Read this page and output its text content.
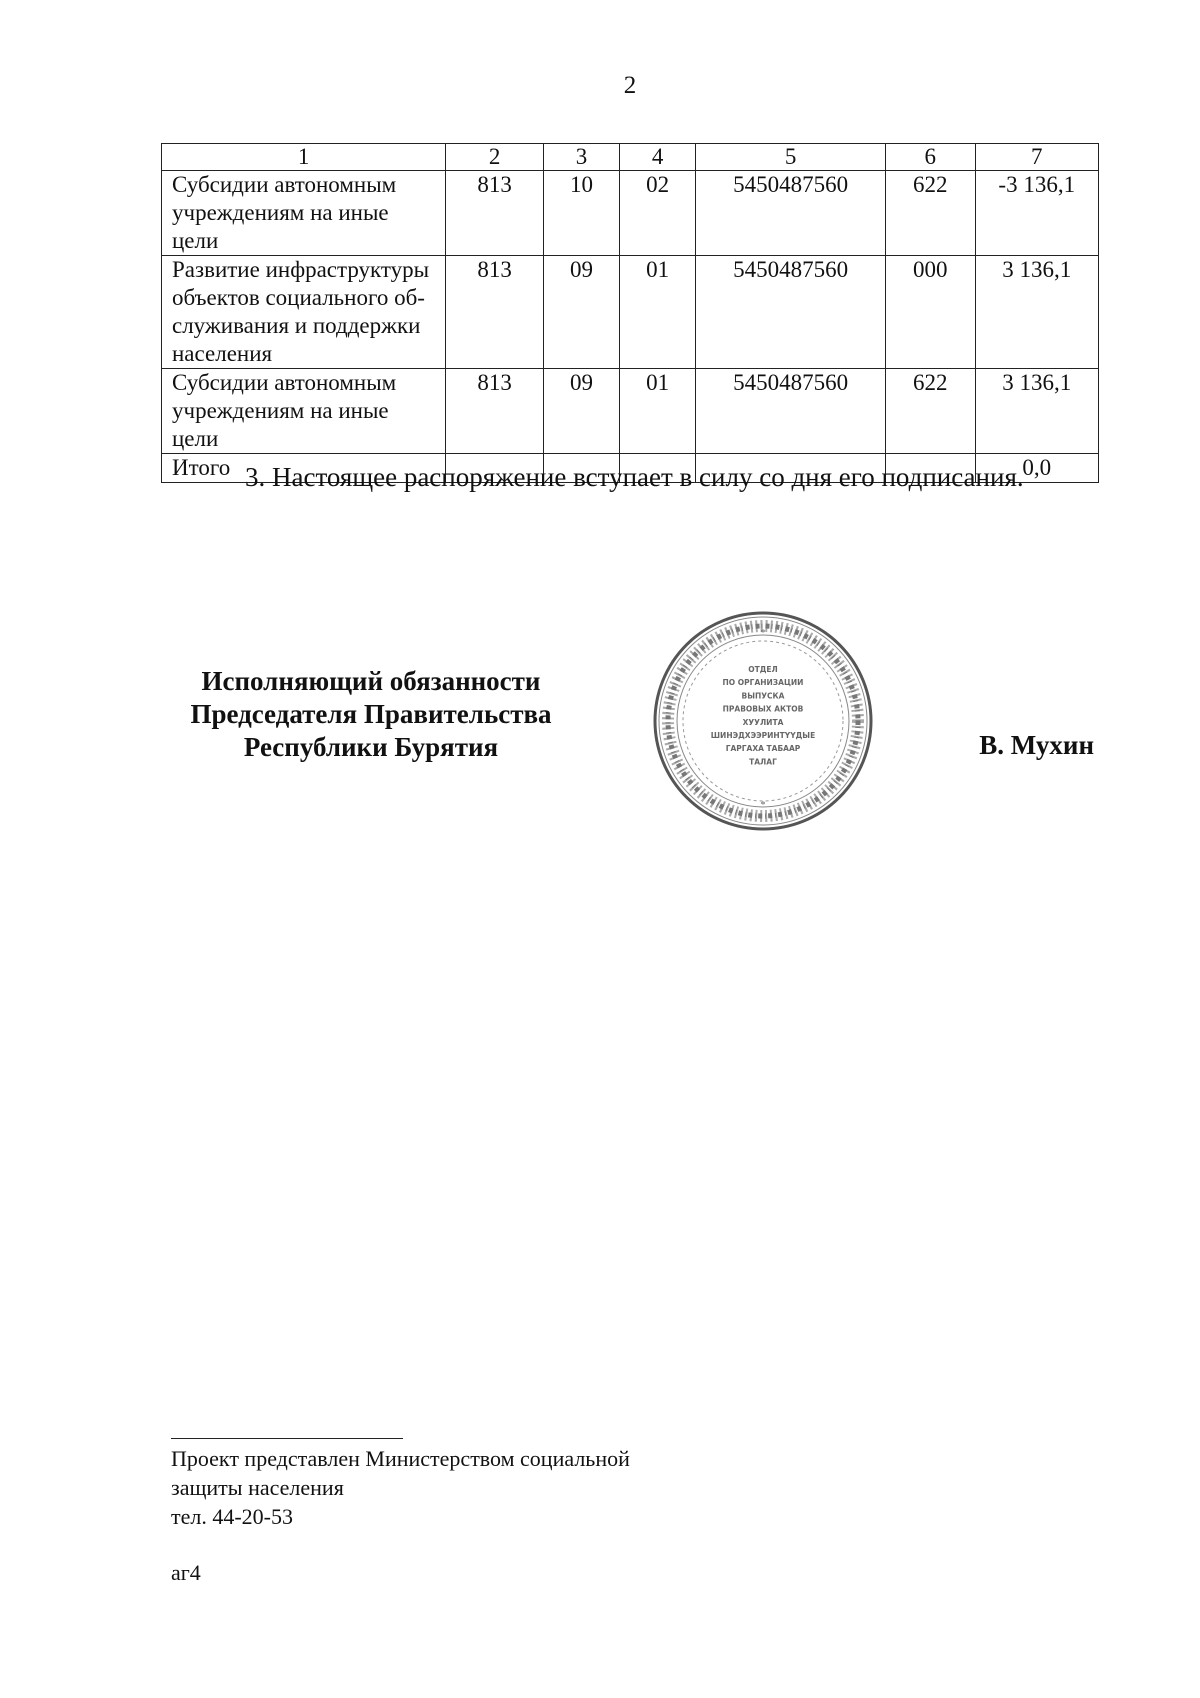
2
1	2	3	4	5	6	7

Субсидии автономным
учреждениям на иные цели	813	10	02	5450487560	622	-3 136,1

Развитие инфраструктуры
объектов социального об-
служивания и поддержки
населения	813	09	01	5450487560	000	3 136,1

Субсидии автономным
учреждениям на иные цели	813	09	01	5450487560	622	3 136,1
Итого						0,0
3. Настоящее распоряжение вступает в силу со дня его подписания.
Исполняющий обязанности
Председателя Правительства
Республики Бурятия
ОТДЕЛ
ПО ОРГАНИЗАЦИИ
ВЫПУСКА
ПРАВОВЫХ АКТОВ
ХУУЛИТА
ШИНЭДХЭЭРИНТҮҮДЫЕ
ГАРГАХА ТАБААР
ТАЛАГ
*
*
В. Мухин
Проект представлен Министерством социальной
защиты населения
тел. 44-20-53
аг4
